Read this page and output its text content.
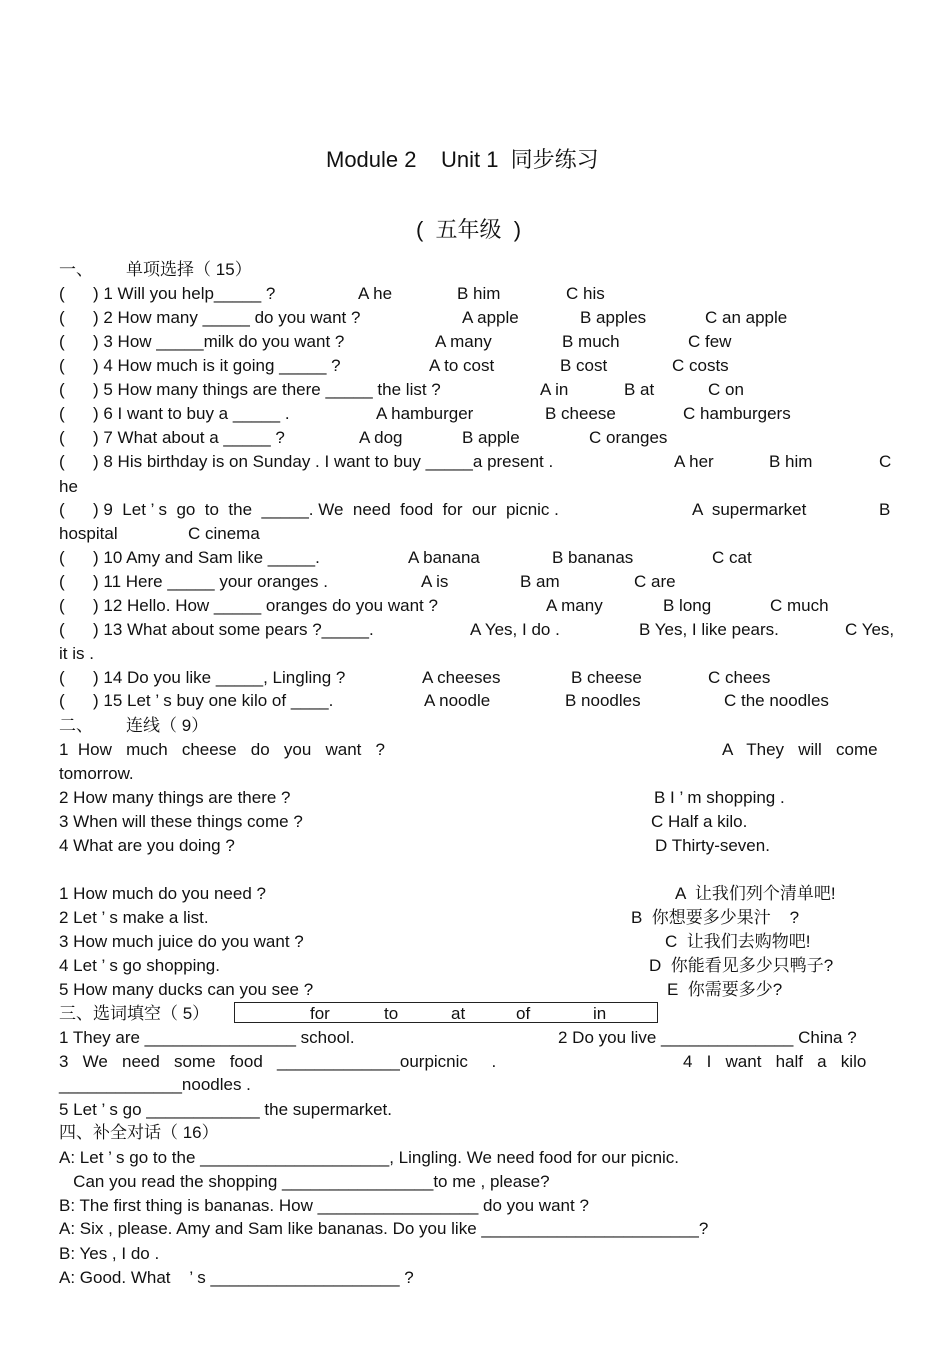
Module 2    Unit 1  同步练习
(  五年级  )
一、       单项选择（ 15）
(      ) 1 Will you help_____ ?	A he	B him	C his
(      ) 2 How many _____ do you want ?	A apple	B apples	C an apple
(      ) 3 How _____milk do you want ?	A many	B much	C few
(      ) 4 How much is it going _____ ?	A to cost	B cost	C costs
(      ) 5 How many things are there _____ the list ?	A in	B at	C on
(      ) 6 I want to buy a _____ .	A hamburger	B cheese	C hamburgers
(      ) 7 What about a _____ ?	A dog	B apple	C oranges
(      ) 8 His birthday is on Sunday . I want to buy _____a present .	A her	B him	C
he
(      ) 9  Let ’ s  go  to  the  _____. We  need  food  for  our  picnic .	A  supermarket	B
hospital	C cinema
(      ) 10 Amy and Sam like _____.	A banana	B bananas	C cat
(      ) 11 Here _____ your oranges .	A is	B am	C are
(      ) 12 Hello. How _____ oranges do you want ?	A many	B long	C much
(      ) 13 What about some pears ?_____.	A Yes, I do .	B Yes, I like pears.	C Yes,
it is .
(      ) 14 Do you like _____, Lingling ?	A cheeses	B cheese	C chees
(      ) 15 Let ’ s buy one kilo of ____.	A noodle	B noodles	C the noodles
二、       连线（ 9）
1  How   much   cheese   do   you   want   ?	A   They   will   come
tomorrow.
2 How many things are there ?	B I ’ m shopping .
3 When will these things come ?	C Half a kilo.
4 What are you doing ?	D Thirty-seven.
1 How much do you need ?	A  让我们列个清单吧!
2 Let ’ s make a list.	B  你想要多少果汁    ?
3 How much juice do you want ?	C  让我们去购物吧!
4 Let ’ s go shopping.	D  你能看见多少只鸭子?
5 How many ducks can you see ?	E  你需要多少?
三、选词填空（ 5）	for	to	at	of	in
1 They are ________________ school.	2 Do you live ______________ China ?
3   We   need   some   food   _____________ourpicnic     .	4   I   want   half   a   kilo
_____________noodles .
5 Let ’ s go ____________ the supermarket.
四、补全对话（ 16）
A: Let ’ s go to the ____________________, Lingling. We need food for our picnic.
Can you read the shopping ________________to me , please?
B: The first thing is bananas. How _________________ do you want ?
A: Six , please. Amy and Sam like bananas. Do you like _______________________?
B: Yes , I do .
A: Good. What    ’ s ____________________ ?
